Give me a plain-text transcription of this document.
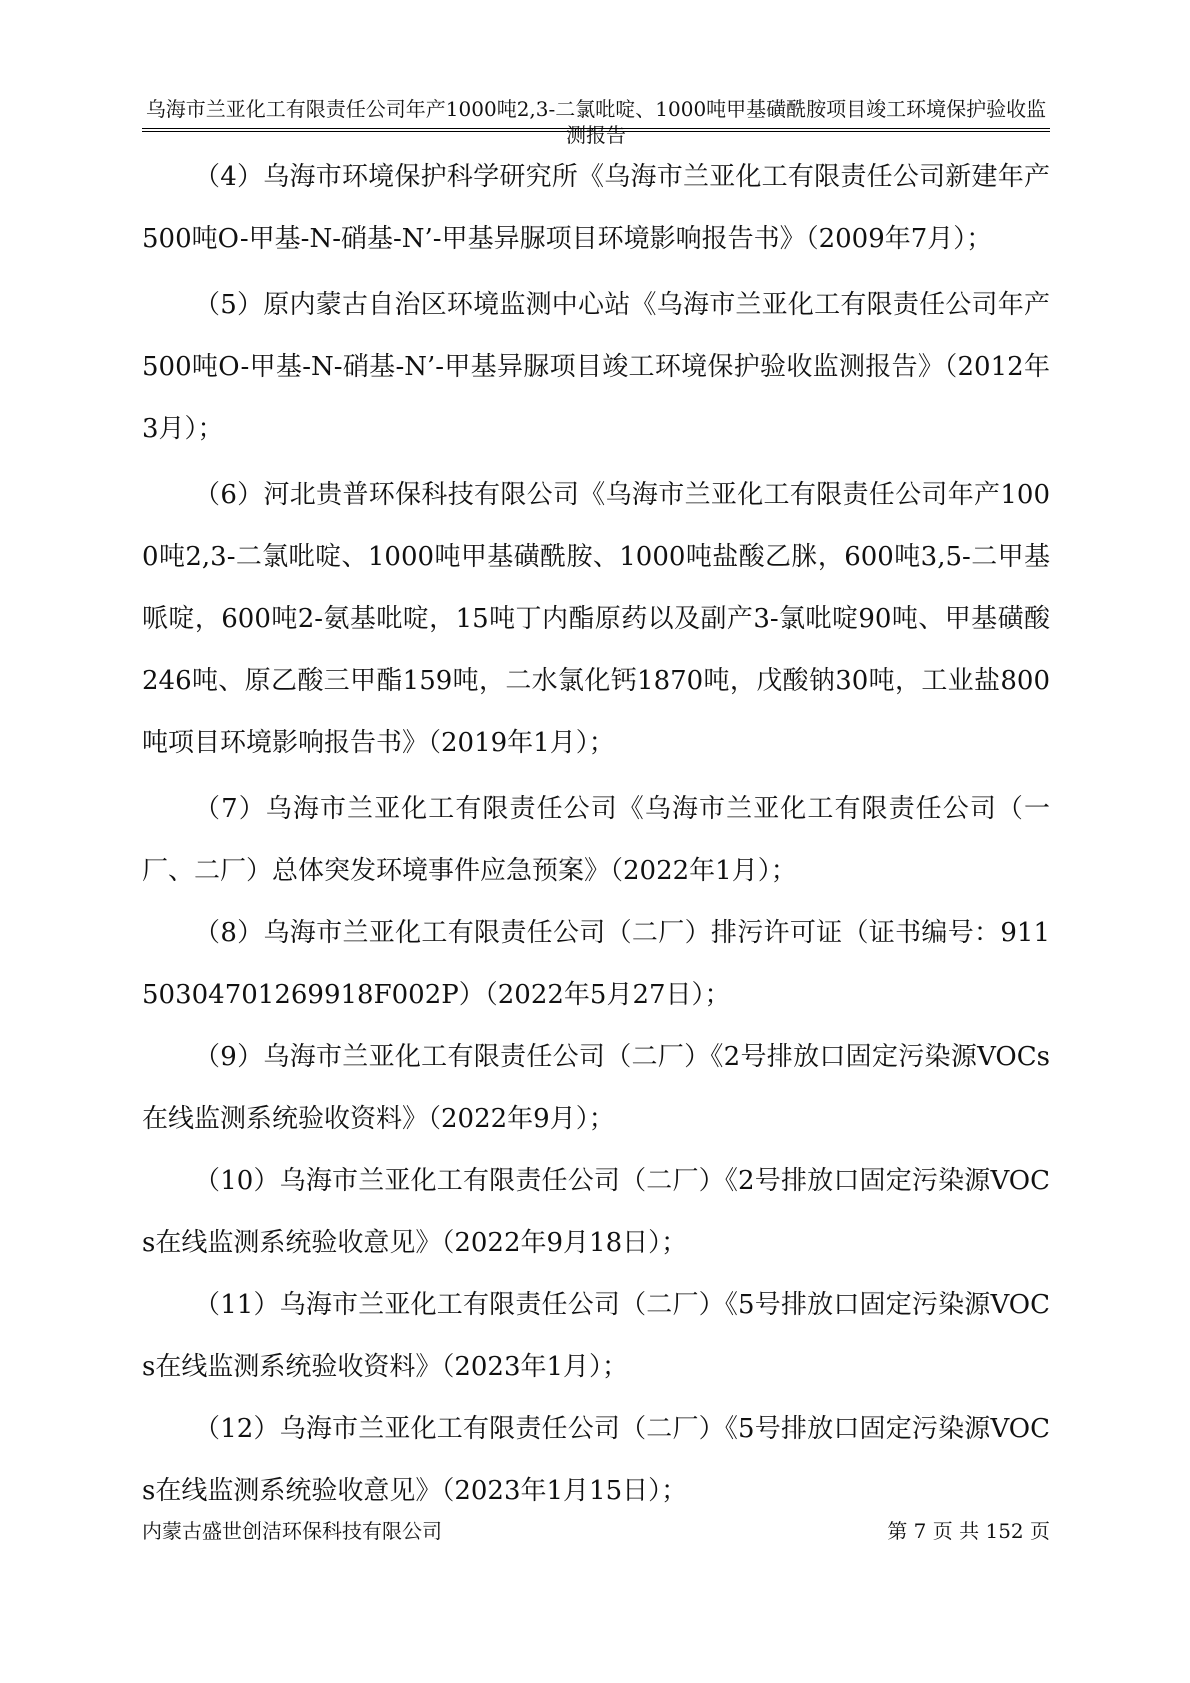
乌海市兰亚化工有限责任公司年产1000吨2,3-二氯吡啶、1000吨甲基磺酰胺项目竣工环境保护验收监测报告

（4）乌海市环境保护科学研究所《乌海市兰亚化工有限责任公司新建年产500吨O-甲基-N-硝基-N’-甲基异脲项目环境影响报告书》（2009年7月）；

（5）原内蒙古自治区环境监测中心站《乌海市兰亚化工有限责任公司年产500吨O-甲基-N-硝基-N’-甲基异脲项目竣工环境保护验收监测报告》（2012年3月）；

（6）河北贵普环保科技有限公司《乌海市兰亚化工有限责任公司年产1000吨2,3-二氯吡啶、1000吨甲基磺酰胺、1000吨盐酸乙脒，600吨3,5-二甲基哌啶，600吨2-氨基吡啶，15吨丁内酯原药以及副产3-氯吡啶90吨、甲基磺酸246吨、原乙酸三甲酯159吨，二水氯化钙1870吨，戊酸钠30吨，工业盐800吨项目环境影响报告书》（2019年1月）；

（7）乌海市兰亚化工有限责任公司《乌海市兰亚化工有限责任公司（一厂、二厂）总体突发环境事件应急预案》（2022年1月）；

（8）乌海市兰亚化工有限责任公司（二厂）排污许可证（证书编号：91150304701269918F002P）（2022年5月27日）；

（9）乌海市兰亚化工有限责任公司（二厂）《2号排放口固定污染源VOCs在线监测系统验收资料》（2022年9月）；

（10）乌海市兰亚化工有限责任公司（二厂）《2号排放口固定污染源VOCs在线监测系统验收意见》（2022年9月18日）；

（11）乌海市兰亚化工有限责任公司（二厂）《5号排放口固定污染源VOCs在线监测系统验收资料》（2023年1月）；

（12）乌海市兰亚化工有限责任公司（二厂）《5号排放口固定污染源VOCs在线监测系统验收意见》（2023年1月15日）；

内蒙古盛世创洁环保科技有限公司	第 7 页 共 152 页
